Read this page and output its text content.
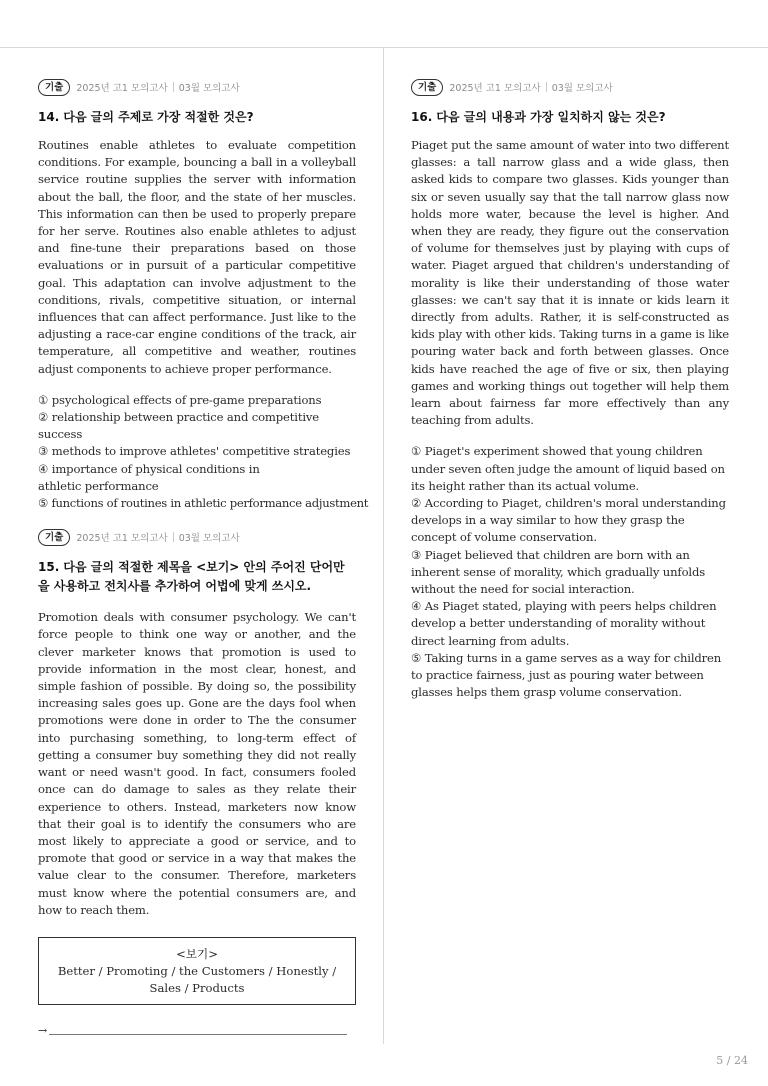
기출	2025년 고1 모의고사 03월 모의고사
14. 다음 글의 주제로 가장 적절한 것은?

Routines enable athletes to evaluate competition conditions. For example, bouncing a ball in a volleyball service routine supplies the server with information about the ball, the floor, and the state of her muscles. This information can then be used to properly prepare for her serve. Routines also enable athletes to adjust and fine-tune their preparations based on those evaluations or in pursuit of a particular competitive goal. This adaptation can involve adjustment to the conditions, rivals, competitive situation, or internal influences that can affect performance. Just like to the adjusting a race-car engine conditions of the track, air temperature, all competitive and weather, routines adjust components to achieve proper performance.

① psychological effects of pre-game preparations
② relationship between practice and competitive success
③ methods to improve athletes' competitive strategies
④ importance of physical conditions in athletic performance
⑤ functions of routines in athletic performance adjustment
기출	2025년 고1 모의고사 03월 모의고사
15. 다음 글의 적절한 제목을 <보기> 안의 주어진 단어만을 사용하고 전치사를 추가하여 어법에 맞게 쓰시오.

Promotion deals with consumer psychology. We can't force people to think one way or another, and the clever marketer knows that promotion is used to provide information in the most clear, honest, and simple fashion of possible. By doing so, the possibility increasing sales goes up. Gone are the days fool when promotions were done in order to The the consumer into purchasing something, to long-term effect of getting a consumer buy something they did not really want or need wasn't good. In fact, consumers fooled once can do damage to sales as they relate their experience to others. Instead, marketers now know that their goal is to identify the consumers who are most likely to appreciate a good or service, and to promote that good or service in a way that makes the value clear to the consumer. Therefore, marketers must know where the potential consumers are, and how to reach them.

<보기>
Better / Promoting / the Customers / Honestly / Sales / Products
→
기출	2025년 고1 모의고사 03월 모의고사
16. 다음 글의 내용과 가장 일치하지 않는 것은?

Piaget put the same amount of water into two different glasses: a tall narrow glass and a wide glass, then asked kids to compare two glasses. Kids younger than six or seven usually say that the tall narrow glass now holds more water, because the level is higher. And when they are ready, they figure out the conservation of volume for themselves just by playing with cups of water. Piaget argued that children's understanding of morality is like their understanding of those water glasses: we can't say that it is innate or kids learn it directly from adults. Rather, it is self-constructed as kids play with other kids. Taking turns in a game is like pouring water back and forth between glasses. Once kids have reached the age of five or six, then playing games and working things out together will help them learn about fairness far more effectively than any teaching from adults.

① Piaget's experiment showed that young children under seven often judge the amount of liquid based on its height rather than its actual volume.
② According to Piaget, children's moral understanding develops in a way similar to how they grasp the concept of volume conservation.
③ Piaget believed that children are born with an inherent sense of morality, which gradually unfolds without the need for social interaction.
④ As Piaget stated, playing with peers helps children develop a better understanding of morality without direct learning from adults.
⑤ Taking turns in a game serves as a way for children to practice fairness, just as pouring water between glasses helps them grasp volume conservation.
5 / 24
